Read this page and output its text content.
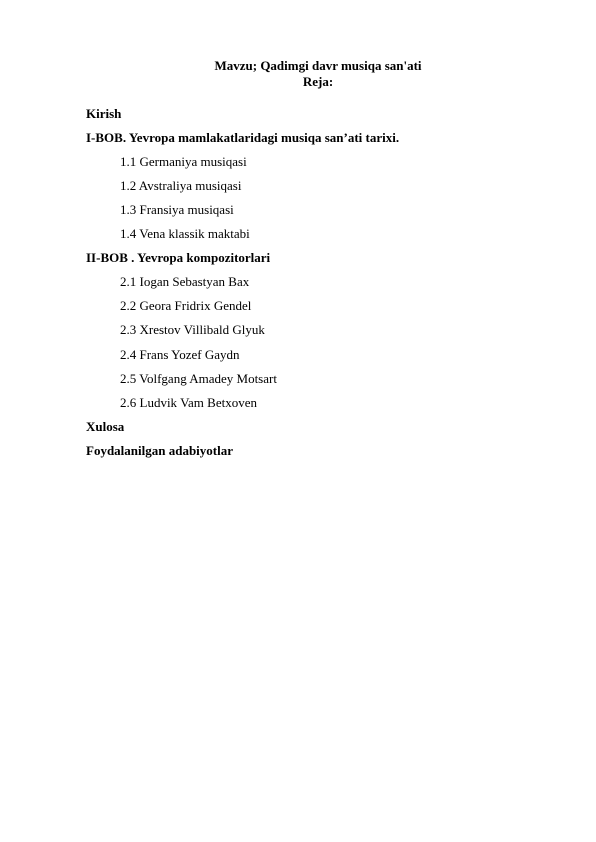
Mavzu; Qadimgi davr musiqa san'ati
Reja:
Kirish
I-BOB. Yevropa mamlakatlaridagi musiqa san’ati tarixi.
1.1 Germaniya musiqasi
1.2 Avstraliya musiqasi
1.3 Fransiya musiqasi
1.4 Vena klassik maktabi
II-BOB . Yevropa kompozitorlari
2.1 Iogan Sebastyan Bax
2.2 Geora Fridrix Gendel
2.3 Xrestov Villibald Glyuk
2.4 Frans Yozef Gaydn
2.5 Volfgang Amadey Motsart
2.6 Ludvik Vam Betxoven
Xulosa
Foydalanilgan adabiyotlar
